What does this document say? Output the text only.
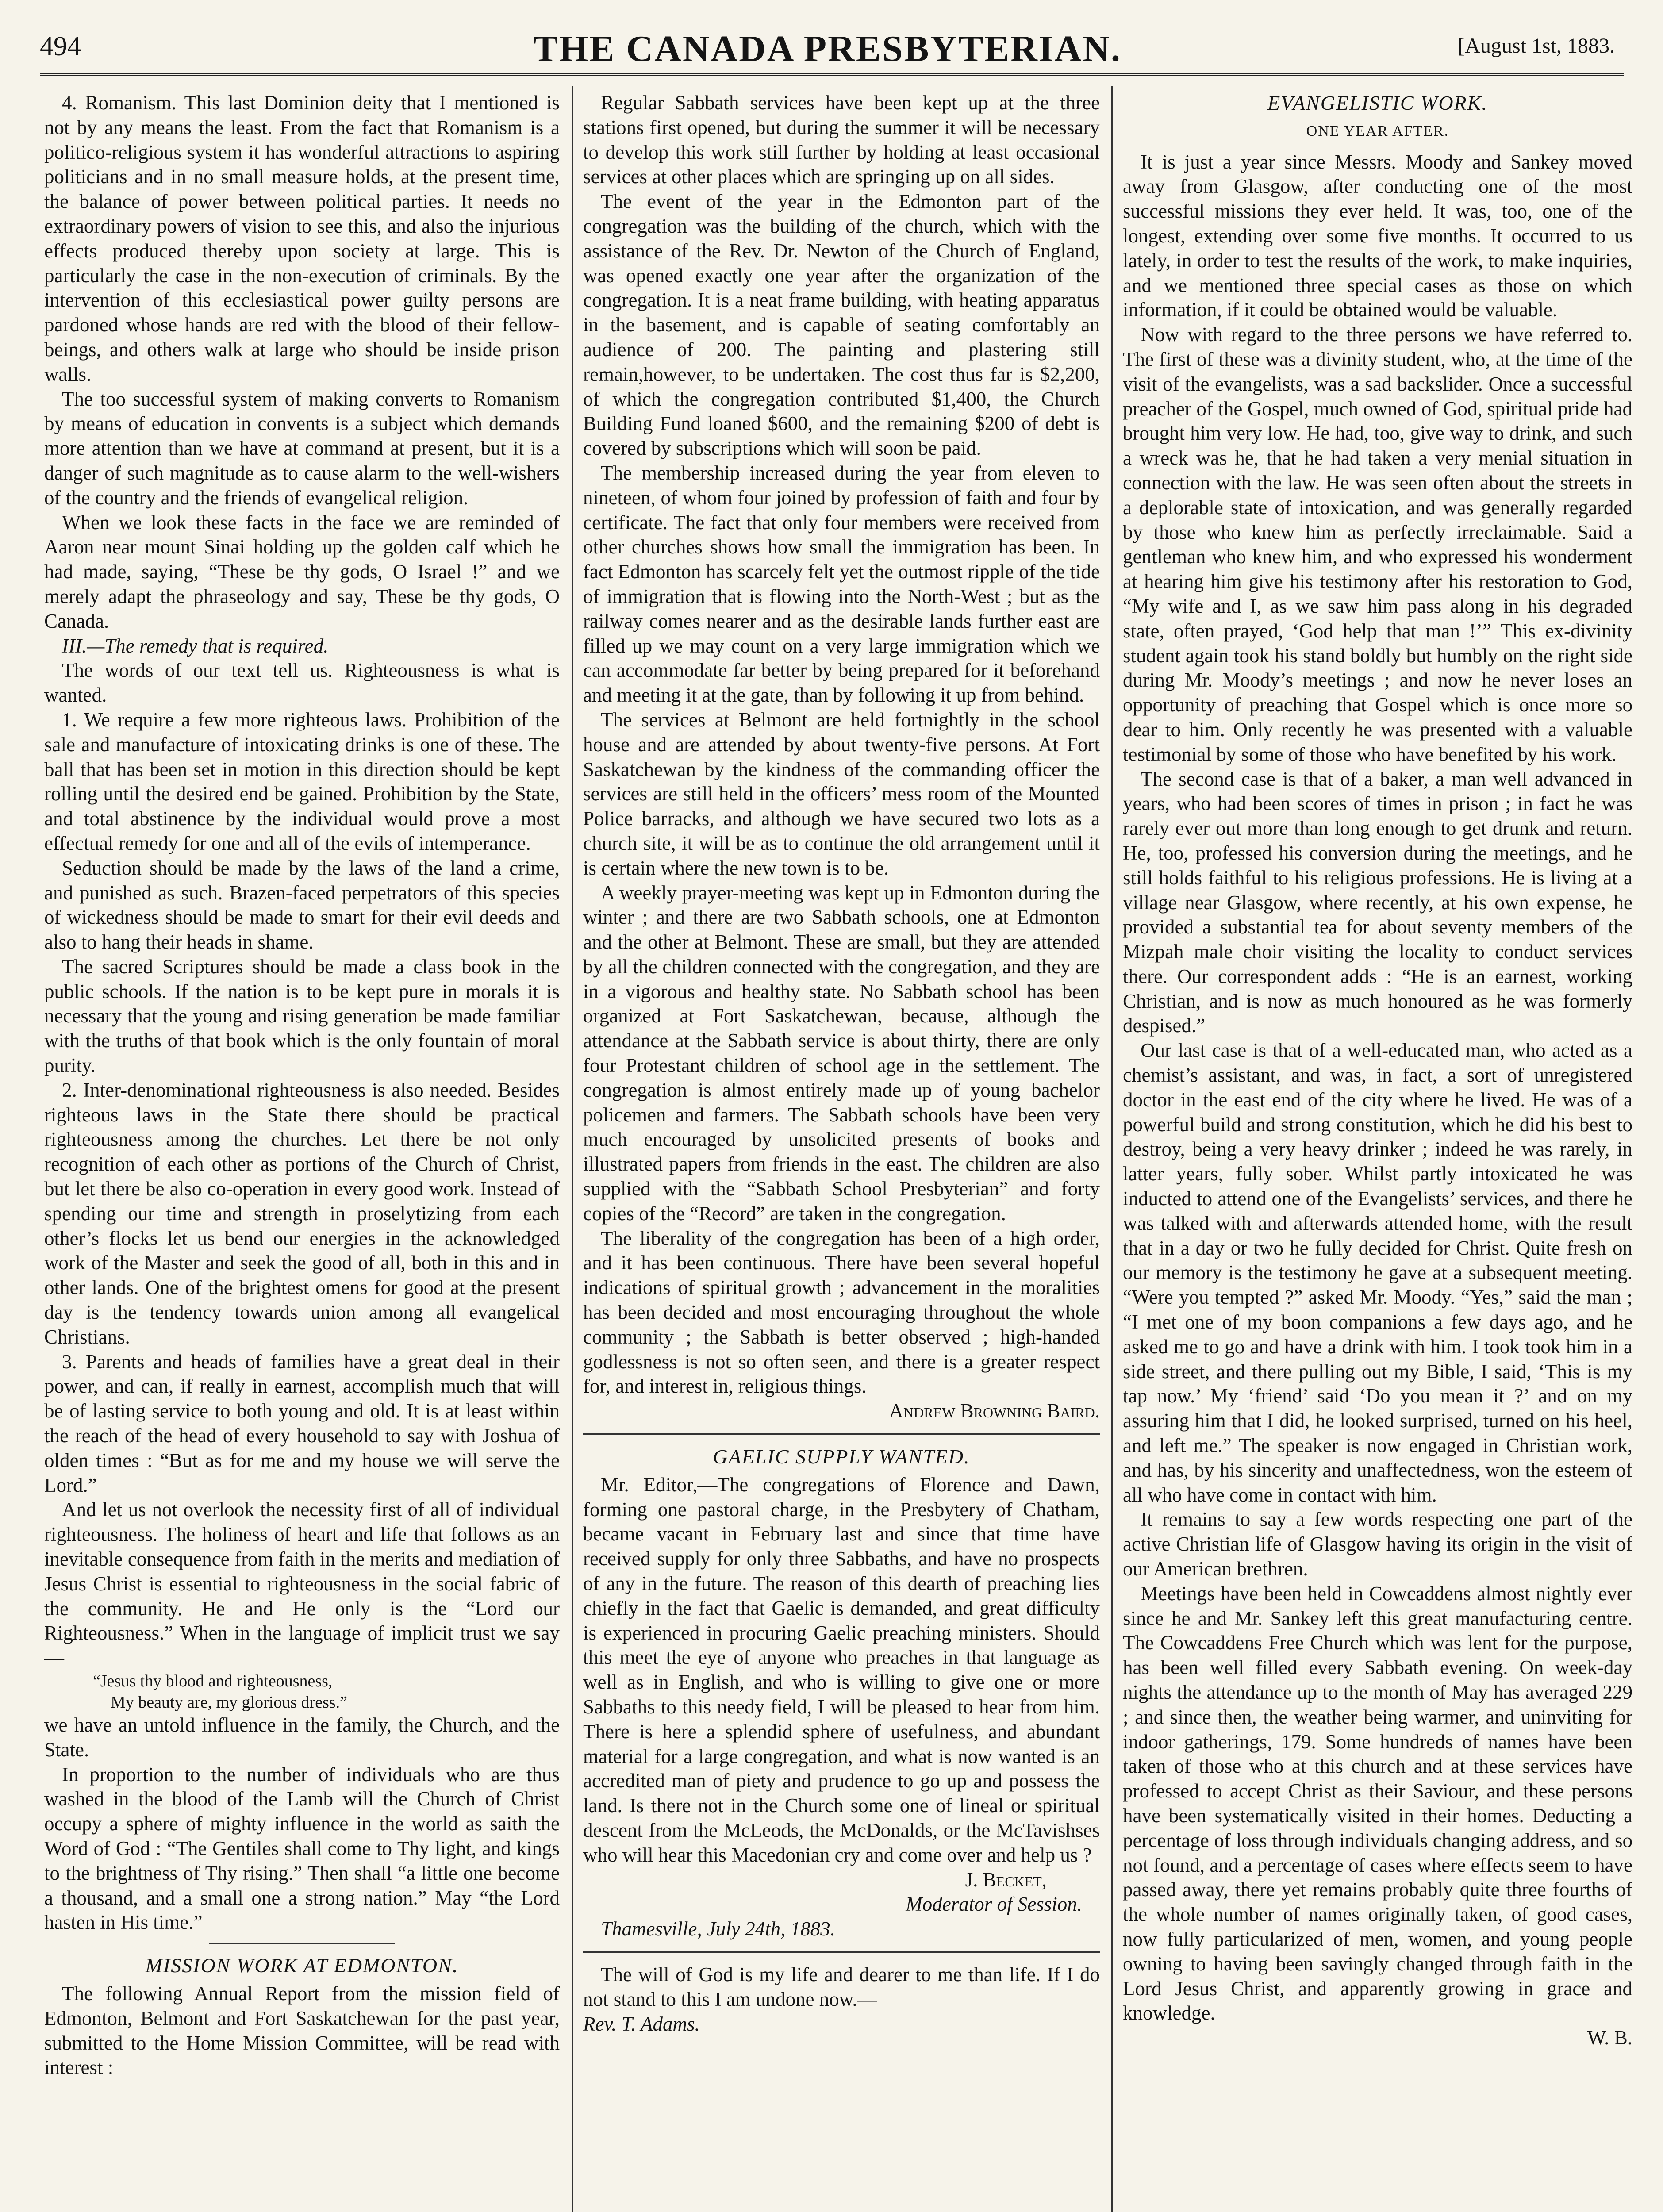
494	THE CANADA PRESBYTERIAN.	[August 1st, 1883.

4. Romanism. This last Dominion deity that I mentioned is not by any means the least. From the fact that Romanism is a politico-religious system it has wonderful attractions to aspiring politicians and in no small measure holds, at the present time, the balance of power between political parties. It needs no extraordinary powers of vision to see this, and also the injurious effects produced thereby upon society at large. This is particularly the case in the non-execution of criminals. By the intervention of this ecclesiastical power guilty persons are pardoned whose hands are red with the blood of their fellow-beings, and others walk at large who should be inside prison walls.

The too successful system of making converts to Romanism by means of education in convents is a subject which demands more attention than we have at command at present, but it is a danger of such magnitude as to cause alarm to the well-wishers of the country and the friends of evangelical religion.

When we look these facts in the face we are reminded of Aaron near mount Sinai holding up the golden calf which he had made, saying, “These be thy gods, O Israel !” and we merely adapt the phraseology and say, These be thy gods, O Canada.

III.—The remedy that is required.

The words of our text tell us. Righteousness is what is wanted.

1. We require a few more righteous laws. Prohibition of the sale and manufacture of intoxicating drinks is one of these. The ball that has been set in motion in this direction should be kept rolling until the desired end be gained. Prohibition by the State, and total abstinence by the individual would prove a most effectual remedy for one and all of the evils of intemperance.

Seduction should be made by the laws of the land a crime, and punished as such. Brazen-faced perpetrators of this species of wickedness should be made to smart for their evil deeds and also to hang their heads in shame.

The sacred Scriptures should be made a class book in the public schools. If the nation is to be kept pure in morals it is necessary that the young and rising generation be made familiar with the truths of that book which is the only fountain of moral purity.

2. Inter-denominational righteousness is also needed. Besides righteous laws in the State there should be practical righteousness among the churches. Let there be not only recognition of each other as portions of the Church of Christ, but let there be also co-operation in every good work. Instead of spending our time and strength in proselytizing from each other’s flocks let us bend our energies in the acknowledged work of the Master and seek the good of all, both in this and in other lands. One of the brightest omens for good at the present day is the tendency towards union among all evangelical Christians.

3. Parents and heads of families have a great deal in their power, and can, if really in earnest, accomplish much that will be of lasting service to both young and old. It is at least within the reach of the head of every household to say with Joshua of olden times : “But as for me and my house we will serve the Lord.”

And let us not overlook the necessity first of all of individual righteousness. The holiness of heart and life that follows as an inevitable consequence from faith in the merits and mediation of Jesus Christ is essential to righteousness in the social fabric of the community. He and He only is the “Lord our Righteousness.” When in the language of implicit trust we say—

“Jesus thy blood and righteousness,

My beauty are, my glorious dress.”

we have an untold influence in the family, the Church, and the State.

In proportion to the number of individuals who are thus washed in the blood of the Lamb will the Church of Christ occupy a sphere of mighty influence in the world as saith the Word of God : “The Gentiles shall come to Thy light, and kings to the brightness of Thy rising.” Then shall “a little one become a thousand, and a small one a strong nation.” May “the Lord hasten in His time.”

MISSION WORK AT EDMONTON.

The following Annual Report from the mission field of Edmonton, Belmont and Fort Saskatchewan for the past year, submitted to the Home Mission Committee, will be read with interest :

Regular Sabbath services have been kept up at the three stations first opened, but during the summer it will be necessary to develop this work still further by holding at least occasional services at other places which are springing up on all sides.

The event of the year in the Edmonton part of the congregation was the building of the church, which with the assistance of the Rev. Dr. Newton of the Church of England, was opened exactly one year after the organization of the congregation. It is a neat frame building, with heating apparatus in the basement, and is capable of seating comfortably an audience of 200. The painting and plastering still remain,however, to be undertaken. The cost thus far is $2,200, of which the congregation contributed $1,400, the Church Building Fund loaned $600, and the remaining $200 of debt is covered by subscriptions which will soon be paid.

The membership increased during the year from eleven to nineteen, of whom four joined by profession of faith and four by certificate. The fact that only four members were received from other churches shows how small the immigration has been. In fact Edmonton has scarcely felt yet the outmost ripple of the tide of immigration that is flowing into the North-West ; but as the railway comes nearer and as the desirable lands further east are filled up we may count on a very large immigration which we can accommodate far better by being prepared for it beforehand and meeting it at the gate, than by following it up from behind.

The services at Belmont are held fortnightly in the school house and are attended by about twenty-five persons. At Fort Saskatchewan by the kindness of the commanding officer the services are still held in the officers’ mess room of the Mounted Police barracks, and although we have secured two lots as a church site, it will be as to continue the old arrangement until it is certain where the new town is to be.

A weekly prayer-meeting was kept up in Edmonton during the winter ; and there are two Sabbath schools, one at Edmonton and the other at Belmont. These are small, but they are attended by all the children connected with the congregation, and they are in a vigorous and healthy state. No Sabbath school has been organized at Fort Saskatchewan, because, although the attendance at the Sabbath service is about thirty, there are only four Protestant children of school age in the settlement. The congregation is almost entirely made up of young bachelor policemen and farmers. The Sabbath schools have been very much encouraged by unsolicited presents of books and illustrated papers from friends in the east. The children are also supplied with the “Sabbath School Presbyterian” and forty copies of the “Record” are taken in the congregation.

The liberality of the congregation has been of a high order, and it has been continuous. There have been several hopeful indications of spiritual growth ; advancement in the moralities has been decided and most encouraging throughout the whole community ; the Sabbath is better observed ; high-handed godlessness is not so often seen, and there is a greater respect for, and interest in, religious things.

Andrew Browning Baird.

GAELIC SUPPLY WANTED.

Mr. Editor,—The congregations of Florence and Dawn, forming one pastoral charge, in the Presbytery of Chatham, became vacant in February last and since that time have received supply for only three Sabbaths, and have no prospects of any in the future. The reason of this dearth of preaching lies chiefly in the fact that Gaelic is demanded, and great difficulty is experienced in procuring Gaelic preaching ministers. Should this meet the eye of anyone who preaches in that language as well as in English, and who is willing to give one or more Sabbaths to this needy field, I will be pleased to hear from him. There is here a splendid sphere of usefulness, and abundant material for a large congregation, and what is now wanted is an accredited man of piety and prudence to go up and possess the land. Is there not in the Church some one of lineal or spiritual descent from the McLeods, the McDonalds, or the McTavishses who will hear this Macedonian cry and come over and help us ?

J. Becket,

Moderator of Session.

Thamesville, July 24th, 1883.

The will of God is my life and dearer to me than life. If I do not stand to this I am undone now.—

Rev. T. Adams.

EVANGELISTIC WORK.

ONE YEAR AFTER.

It is just a year since Messrs. Moody and Sankey moved away from Glasgow, after conducting one of the most successful missions they ever held. It was, too, one of the longest, extending over some five months. It occurred to us lately, in order to test the results of the work, to make inquiries, and we mentioned three special cases as those on which information, if it could be obtained would be valuable.

Now with regard to the three persons we have referred to. The first of these was a divinity student, who, at the time of the visit of the evangelists, was a sad backslider. Once a successful preacher of the Gospel, much owned of God, spiritual pride had brought him very low. He had, too, give way to drink, and such a wreck was he, that he had taken a very menial situation in connection with the law. He was seen often about the streets in a deplorable state of intoxication, and was generally regarded by those who knew him as perfectly irreclaimable. Said a gentleman who knew him, and who expressed his wonderment at hearing him give his testimony after his restoration to God, “My wife and I, as we saw him pass along in his degraded state, often prayed, ‘God help that man !’” This ex-divinity student again took his stand boldly but humbly on the right side during Mr. Moody’s meetings ; and now he never loses an opportunity of preaching that Gospel which is once more so dear to him. Only recently he was presented with a valuable testimonial by some of those who have benefited by his work.

The second case is that of a baker, a man well advanced in years, who had been scores of times in prison ; in fact he was rarely ever out more than long enough to get drunk and return. He, too, professed his conversion during the meetings, and he still holds faithful to his religious professions. He is living at a village near Glasgow, where recently, at his own expense, he provided a substantial tea for about seventy members of the Mizpah male choir visiting the locality to conduct services there. Our correspondent adds : “He is an earnest, working Christian, and is now as much honoured as he was formerly despised.”

Our last case is that of a well-educated man, who acted as a chemist’s assistant, and was, in fact, a sort of unregistered doctor in the east end of the city where he lived. He was of a powerful build and strong constitution, which he did his best to destroy, being a very heavy drinker ; indeed he was rarely, in latter years, fully sober. Whilst partly intoxicated he was inducted to attend one of the Evangelists’ services, and there he was talked with and afterwards attended home, with the result that in a day or two he fully decided for Christ. Quite fresh on our memory is the testimony he gave at a subsequent meeting. “Were you tempted ?” asked Mr. Moody. “Yes,” said the man ; “I met one of my boon companions a few days ago, and he asked me to go and have a drink with him. I took took him in a side street, and there pulling out my Bible, I said, ‘This is my tap now.’ My ‘friend’ said ‘Do you mean it ?’ and on my assuring him that I did, he looked surprised, turned on his heel, and left me.” The speaker is now engaged in Christian work, and has, by his sincerity and unaffectedness, won the esteem of all who have come in contact with him.

It remains to say a few words respecting one part of the active Christian life of Glasgow having its origin in the visit of our American brethren.

Meetings have been held in Cowcaddens almost nightly ever since he and Mr. Sankey left this great manufacturing centre. The Cowcaddens Free Church which was lent for the purpose, has been well filled every Sabbath evening. On week-day nights the attendance up to the month of May has averaged 229 ; and since then, the weather being warmer, and uninviting for indoor gatherings, 179. Some hundreds of names have been taken of those who at this church and at these services have professed to accept Christ as their Saviour, and these persons have been systematically visited in their homes. Deducting a percentage of loss through individuals changing address, and so not found, and a percentage of cases where effects seem to have passed away, there yet remains probably quite three fourths of the whole number of names originally taken, of good cases, now fully particularized of men, women, and young people owning to having been savingly changed through faith in the Lord Jesus Christ, and apparently growing in grace and knowledge.

W. B.
